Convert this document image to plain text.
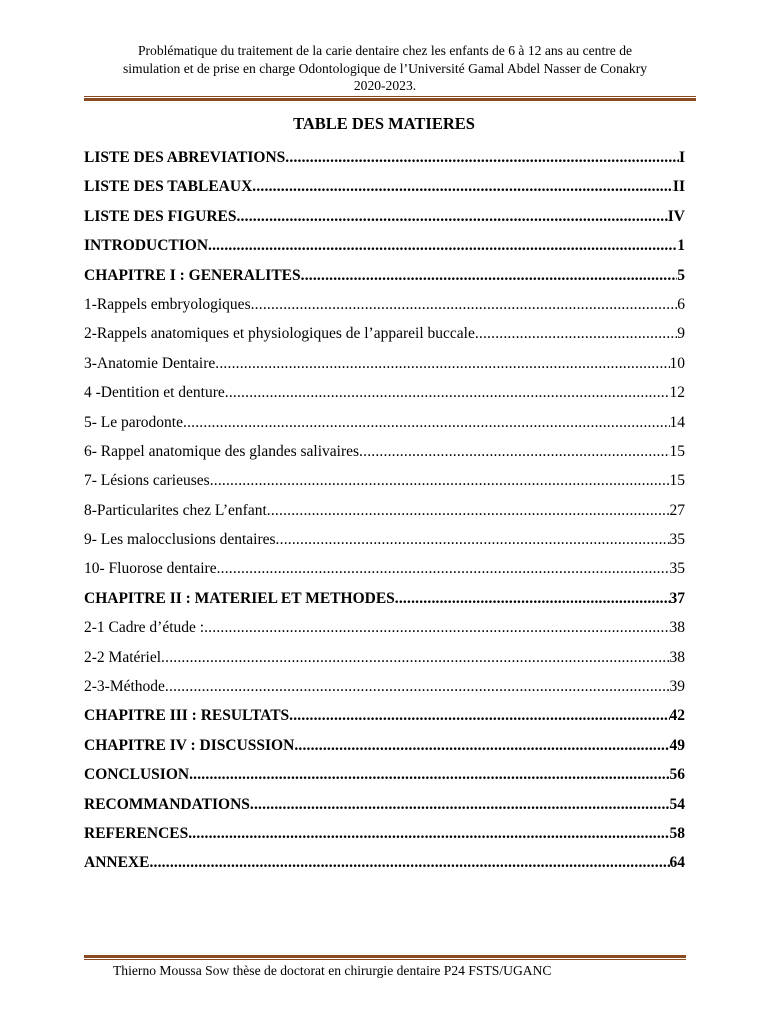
Problématique du traitement de la carie dentaire chez les enfants de 6 à 12 ans au centre de
simulation et de prise en charge Odontologique de l’Université Gamal Abdel Nasser de Conakry
2020-2023.
TABLE DES MATIERES
LISTE DES ABREVIATIONS .....	I
LISTE DES TABLEAUX .....	II
LISTE DES FIGURES .....	IV
INTRODUCTION .....	1
CHAPITRE I : GENERALITES .....	5
1-Rappels embryologiques .....	6
2-Rappels anatomiques et physiologiques de l’appareil buccale .....	9
3-Anatomie Dentaire .....	10
4 -Dentition et denture .....	12
5- Le parodonte .....	14
6- Rappel anatomique des glandes salivaires .....	15
7- Lésions carieuses .....	15
8-Particularites chez L’enfant .....	27
9- Les malocclusions dentaires .....	35
10- Fluorose dentaire .....	35
CHAPITRE II : MATERIEL ET METHODES .....	37
2-1 Cadre d’étude : .....	38
2-2 Matériel .....	38
2-3-Méthode .....	39
CHAPITRE III : RESULTATS .....	42
CHAPITRE IV : DISCUSSION .....	49
CONCLUSION .....	56
RECOMMANDATIONS .....	54
REFERENCES .....	58
ANNEXE .....	64
Thierno Moussa Sow thèse de doctorat en chirurgie dentaire P24 FSTS/UGANC
